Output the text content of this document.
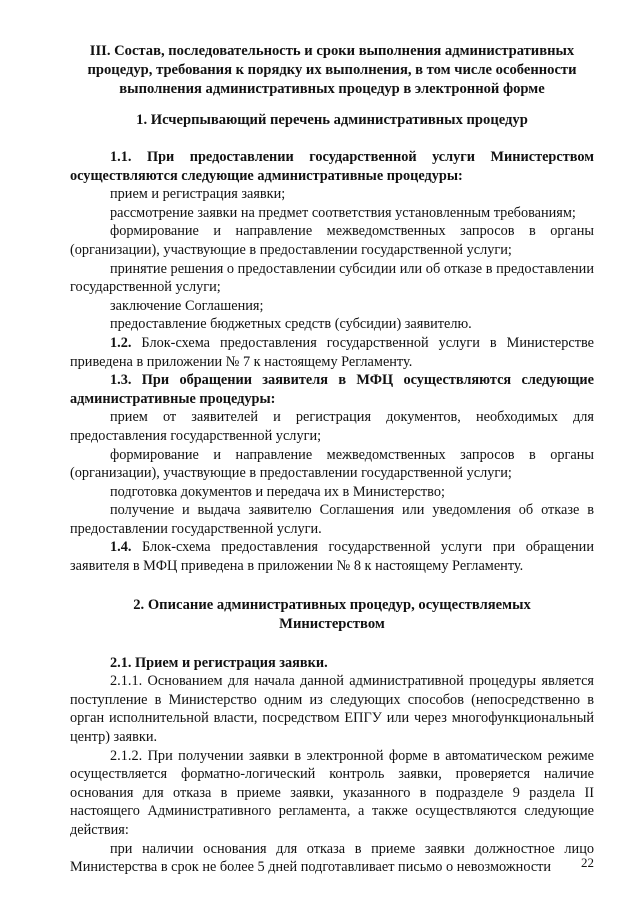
III. Состав, последовательность и сроки выполнения административных процедур, требования к порядку их выполнения, в том числе особенности выполнения административных процедур в электронной форме
1. Исчерпывающий перечень административных процедур

1.1. При предоставлении государственной услуги Министерством осуществляются следующие административные процедуры:

прием и регистрация заявки;

рассмотрение заявки на предмет соответствия установленным требованиям;

формирование и направление межведомственных запросов в органы (организации), участвующие в предоставлении государственной услуги;

принятие решения о предоставлении субсидии или об отказе в предоставлении государственной услуги;

заключение Соглашения;

предоставление бюджетных средств (субсидии) заявителю.

1.2. Блок-схема предоставления государственной услуги в Министерстве приведена в приложении № 7 к настоящему Регламенту.

1.3. При обращении заявителя в МФЦ осуществляются следующие административные процедуры:

прием от заявителей и регистрация документов, необходимых для предоставления государственной услуги;

формирование и направление межведомственных запросов в органы (организации), участвующие в предоставлении государственной услуги;

подготовка документов и передача их в Министерство;

получение и выдача заявителю Соглашения или уведомления об отказе в предоставлении государственной услуги.

1.4. Блок-схема предоставления государственной услуги при обращении заявителя в МФЦ приведена в приложении № 8 к настоящему Регламенту.

2. Описание административных процедур, осуществляемых Министерством

2.1. Прием и регистрация заявки.

2.1.1. Основанием для начала данной административной процедуры является поступление в Министерство одним из следующих способов (непосредственно в орган исполнительной власти, посредством ЕПГУ или через многофункциональный центр) заявки.

2.1.2. При получении заявки в электронной форме в автоматическом режиме осуществляется форматно-логический контроль заявки, проверяется наличие основания для отказа в приеме заявки, указанного в подразделе 9 раздела II настоящего Административного регламента, а также осуществляются следующие действия:

при наличии основания для отказа в приеме заявки должностное лицо Министерства в срок не более 5 дней подготавливает письмо о невозможности	22
